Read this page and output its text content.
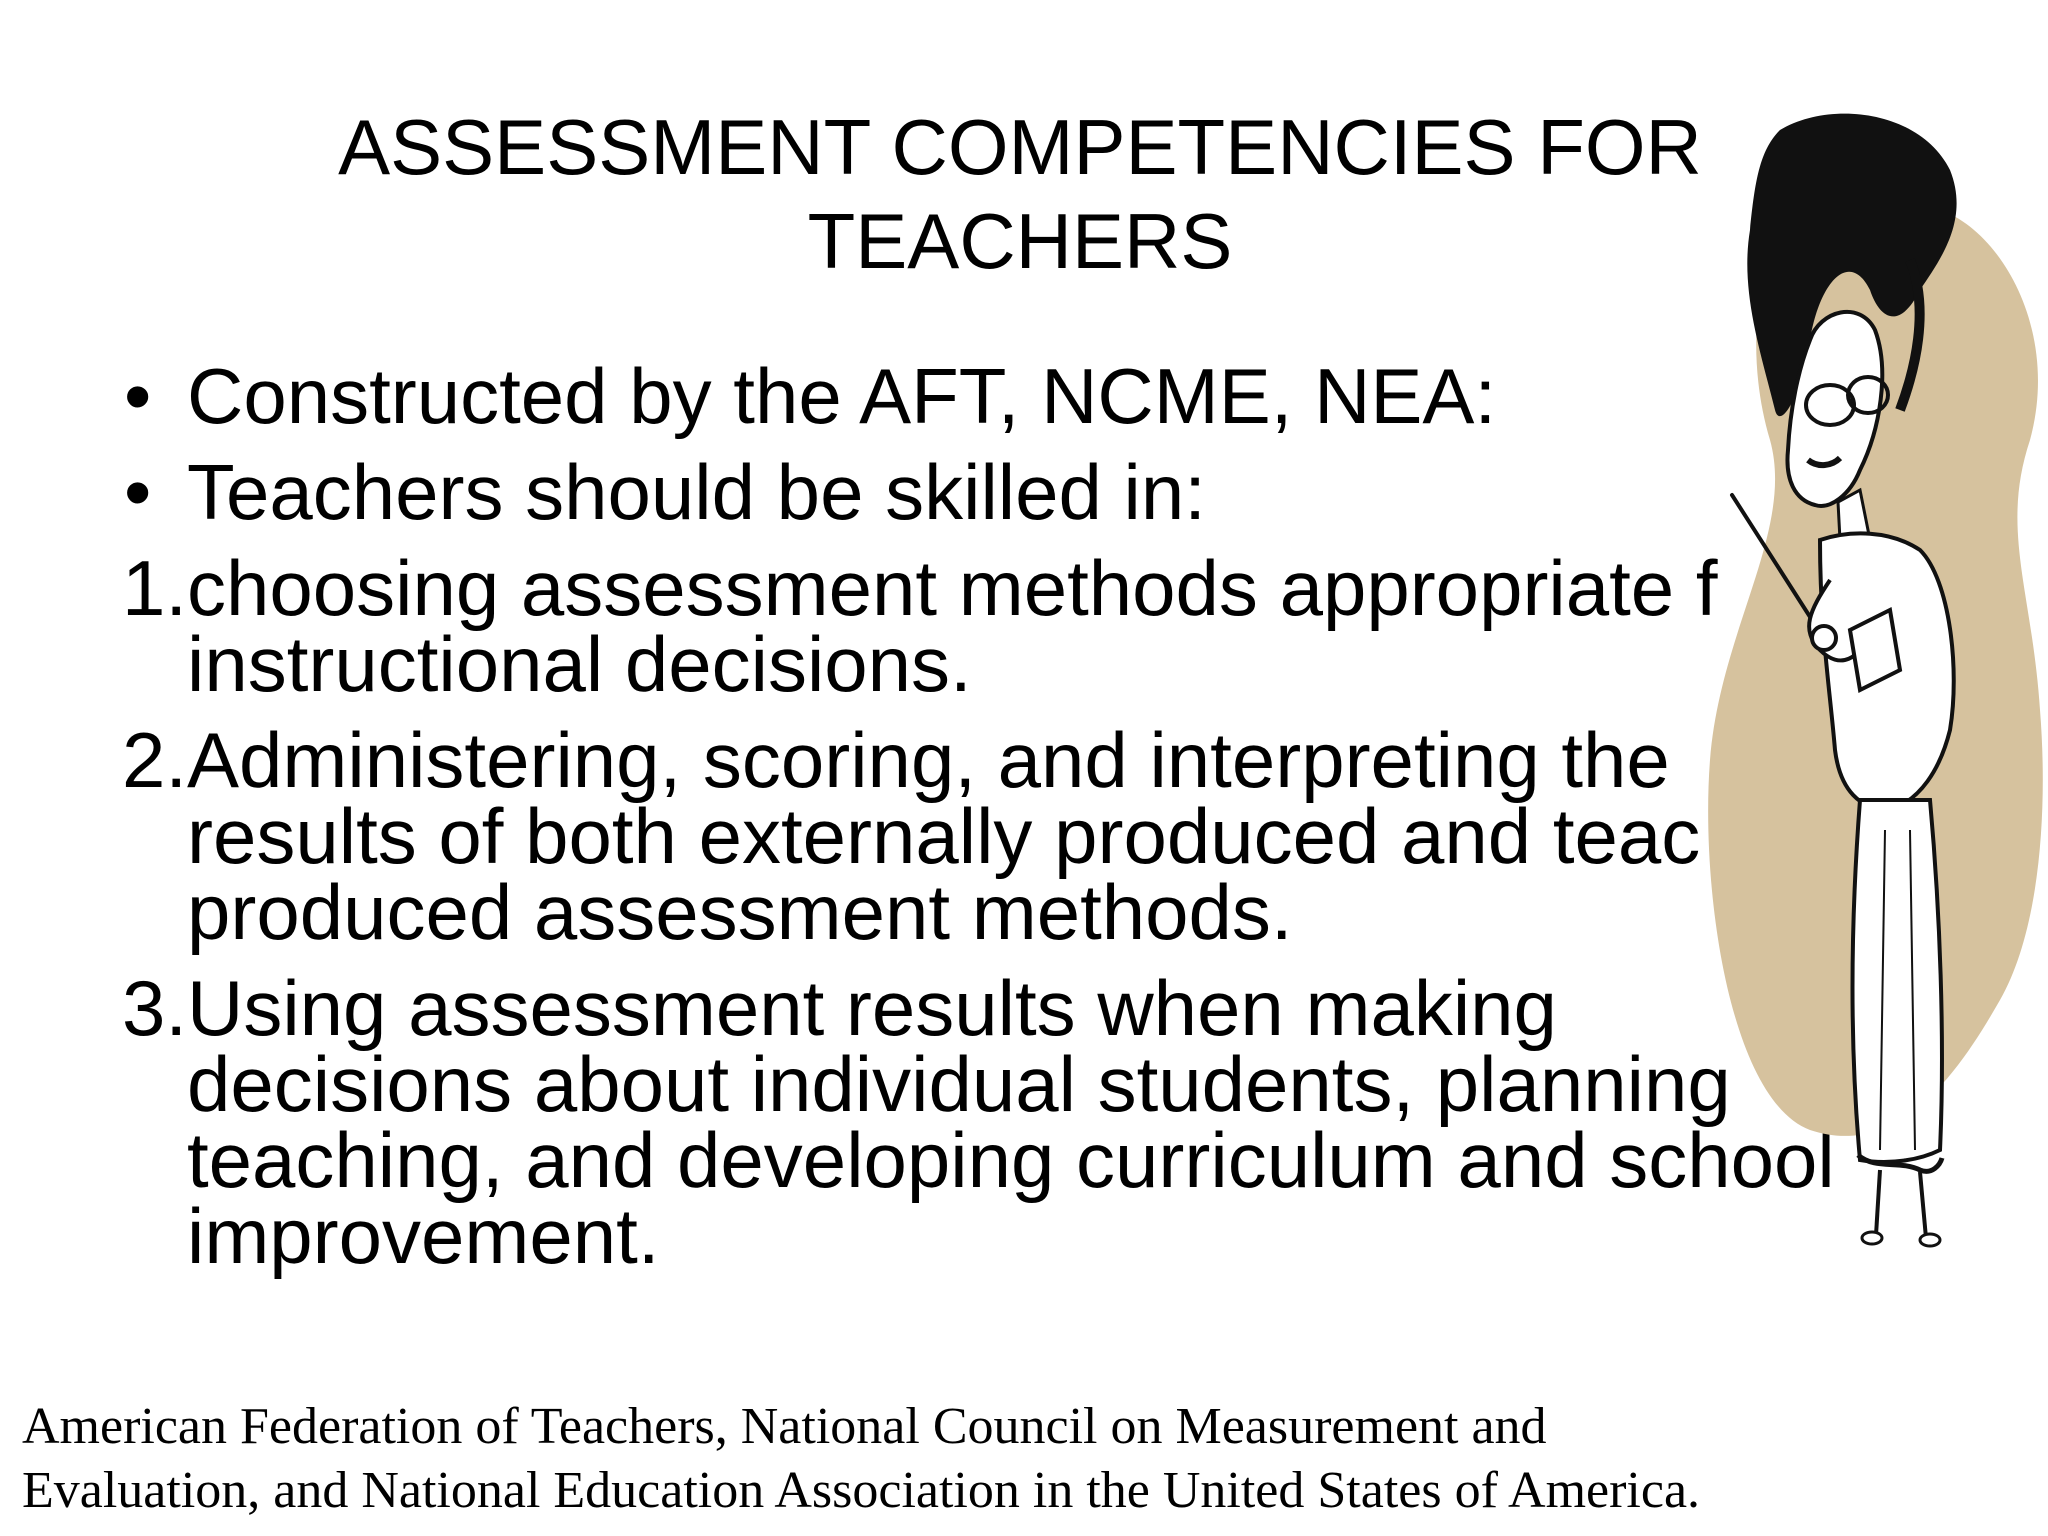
ASSESSMENT COMPETENCIES FOR
TEACHERS
• Constructed by the AFT, NCME, NEA:
• Teachers should be skilled in:
1. choosing assessment methods appropriate f
instructional decisions.
2. Administering, scoring, and interpreting the
results of both externally produced and teac
produced assessment methods.
3. Using assessment results when making
decisions about individual students, planning
teaching, and developing curriculum and school
improvement.
American Federation of Teachers, National Council on Measurement and
Evaluation, and National Education Association in the United States of America.
